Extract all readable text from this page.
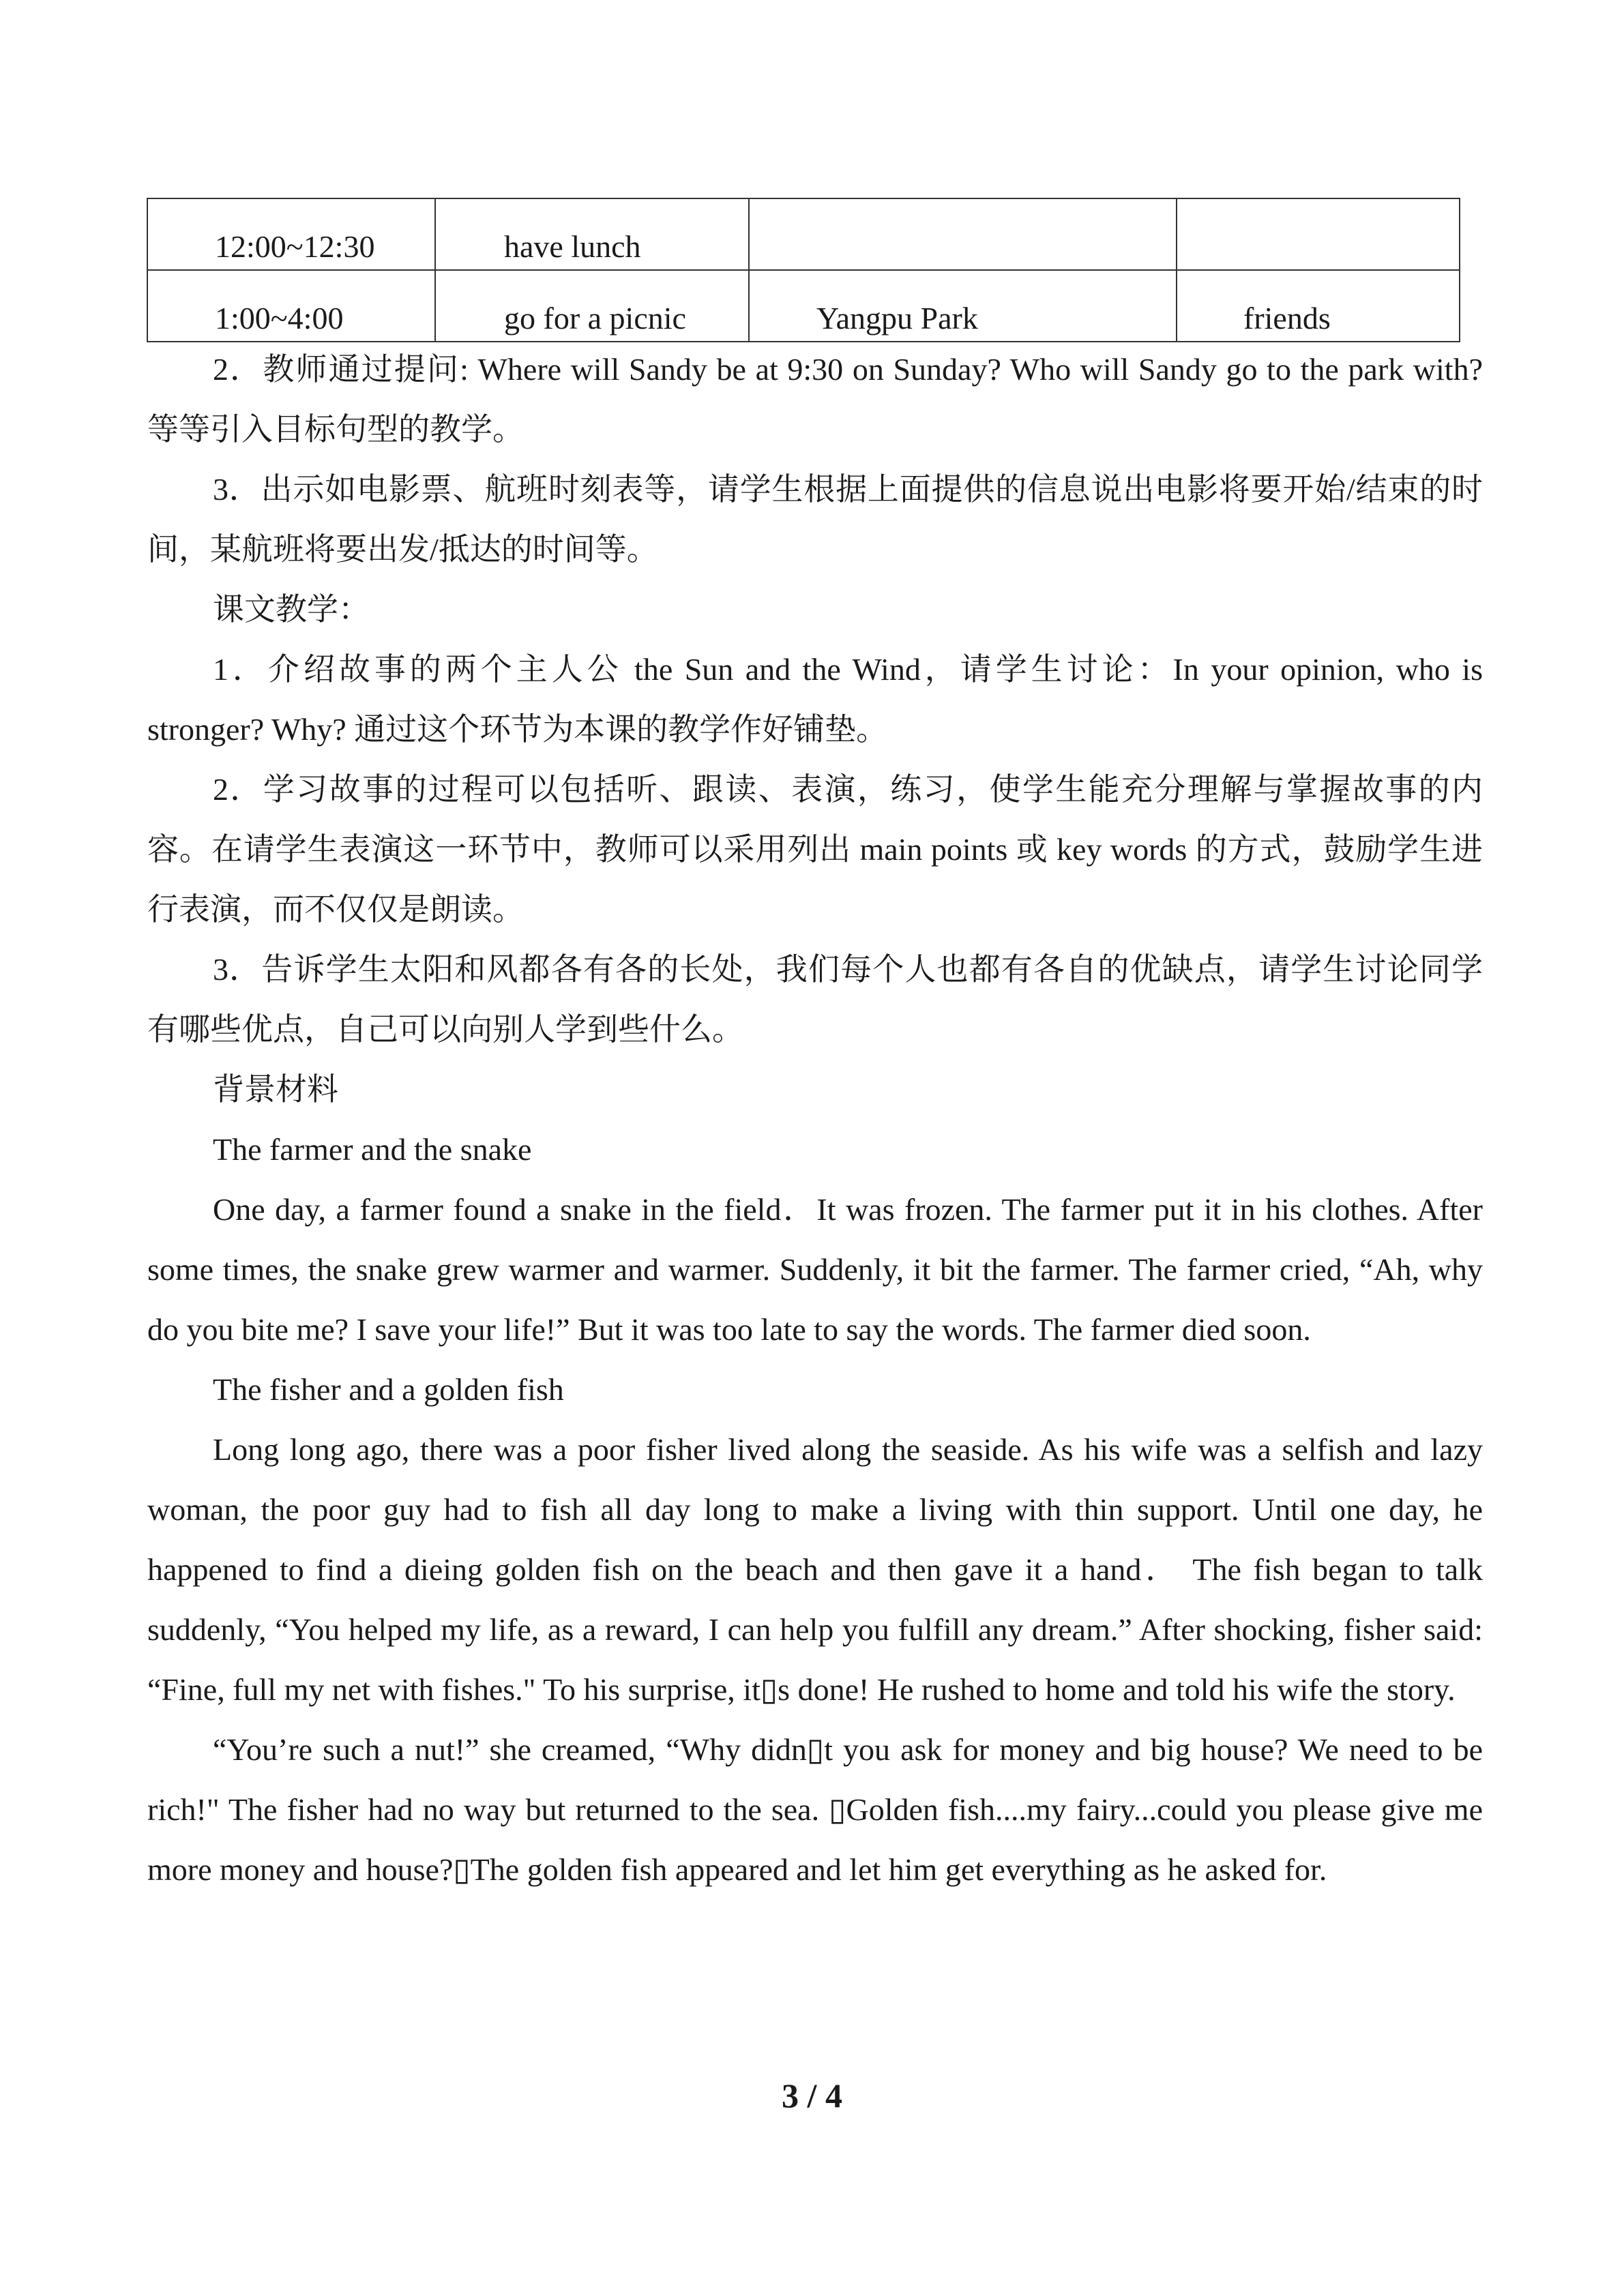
12:00~12:30	have lunch		
1:00~4:00	go for a picnic	Yangpu Park	friends

2．教师通过提问: Where will Sandy be at 9:30 on Sunday? Who will Sandy go to the park with? 等等引入目标句型的教学。

3．出示如电影票、航班时刻表等，请学生根据上面提供的信息说出电影将要开始/结束的时间，某航班将要出发/抵达的时间等。

课文教学：

1．介绍故事的两个主人公 the Sun and the Wind，请学生讨论：In your opinion, who is stronger? Why? 通过这个环节为本课的教学作好铺垫。

2．学习故事的过程可以包括听、跟读、表演，练习，使学生能充分理解与掌握故事的内容。在请学生表演这一环节中，教师可以采用列出 main points 或 key words 的方式，鼓励学生进行表演，而不仅仅是朗读。

3．告诉学生太阳和风都各有各的长处，我们每个人也都有各自的优缺点，请学生讨论同学有哪些优点，自己可以向别人学到些什么。

背景材料

The farmer and the snake

One day, a farmer found a snake in the field．It was frozen. The farmer put it in his clothes. After some times, the snake grew warmer and warmer. Suddenly, it bit the farmer. The farmer cried, “Ah, why do you bite me? I save your life!” But it was too late to say the words. The farmer died soon.

The fisher and a golden fish

Long long ago, there was a poor fisher lived along the seaside. As his wife was a selfish and lazy woman, the poor guy had to fish all day long to make a living with thin support. Until one day, he happened to find a dieing golden fish on the beach and then gave it a hand． The fish began to talk suddenly, “You helped my life, as a reward, I can help you fulfill any dream.” After shocking, fisher said: “Fine, full my net with fishes." To his surprise, it▯s done! He rushed to home and told his wife the story.

“You’re such a nut!” she creamed, “Why didn▯t you ask for money and big house? We need to be rich!" The fisher had no way but returned to the sea. ▯Golden fish....my fairy...could you please give me more money and house?▯The golden fish appeared and let him get everything as he asked for.

3 / 4
